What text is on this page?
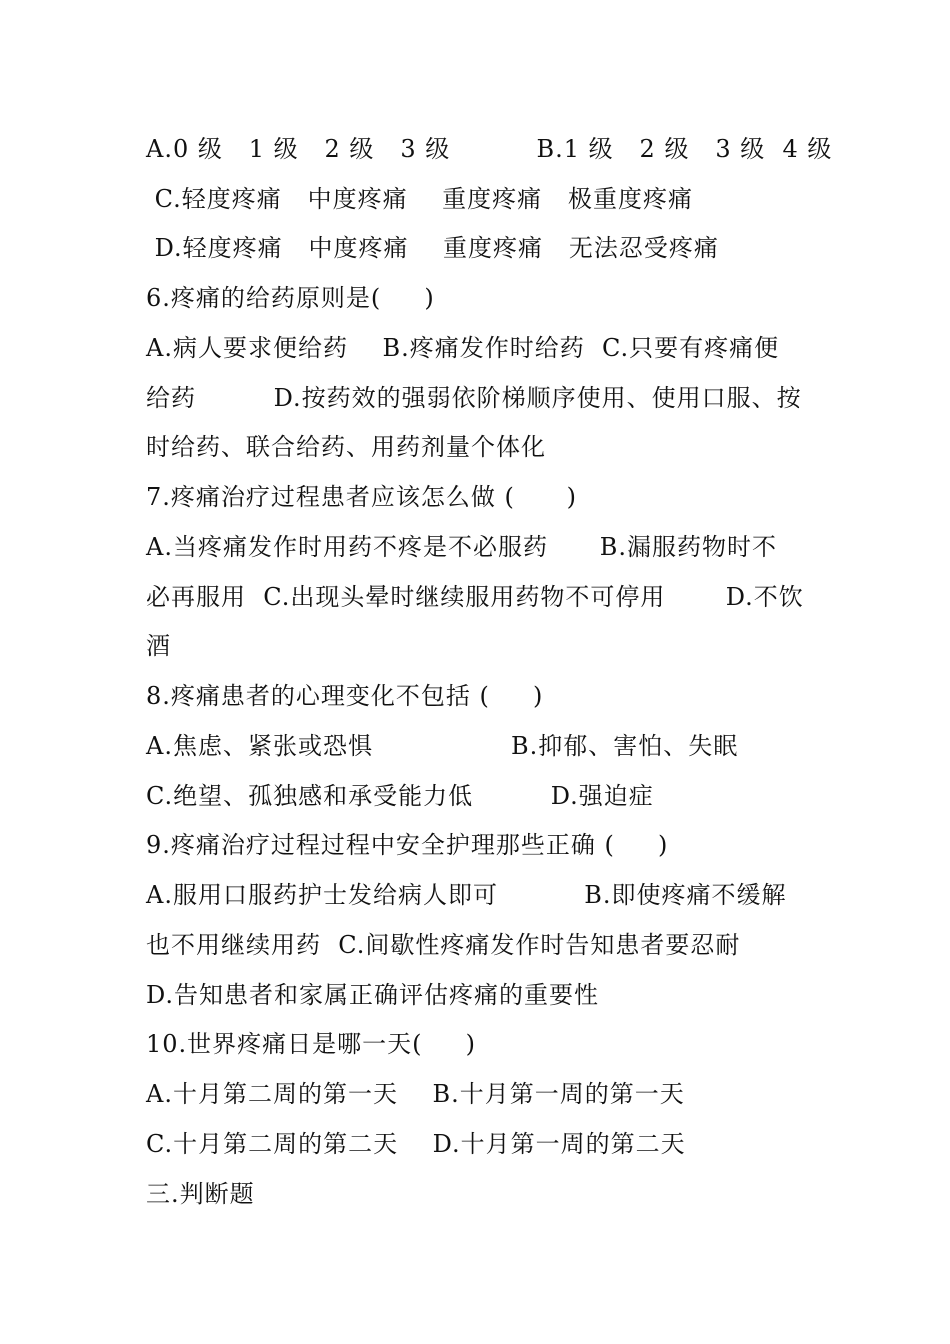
A.0 级   1 级   2 级   3 级          B.1 级   2 级   3 级  4 级
C.轻度疼痛   中度疼痛    重度疼痛   极重度疼痛
D.轻度疼痛   中度疼痛    重度疼痛   无法忍受疼痛
6.疼痛的给药原则是(     )
A.病人要求便给药    B.疼痛发作时给药  C.只要有疼痛便
给药         D.按药效的强弱依阶梯顺序使用、使用口服、按
时给药、联合给药、用药剂量个体化
7.疼痛治疗过程患者应该怎么做 (      )
A.当疼痛发作时用药不疼是不必服药      B.漏服药物时不
必再服用  C.出现头晕时继续服用药物不可停用       D.不饮
酒
8.疼痛患者的心理变化不包括 (     )
A.焦虑、紧张或恐惧                B.抑郁、害怕、失眠
C.绝望、孤独感和承受能力低         D.强迫症
9.疼痛治疗过程过程中安全护理那些正确 (     )
A.服用口服药护士发给病人即可          B.即使疼痛不缓解
也不用继续用药  C.间歇性疼痛发作时告知患者要忍耐
D.告知患者和家属正确评估疼痛的重要性
10.世界疼痛日是哪一天(     )
A.十月第二周的第一天    B.十月第一周的第一天
C.十月第二周的第二天    D.十月第一周的第二天
三.判断题
